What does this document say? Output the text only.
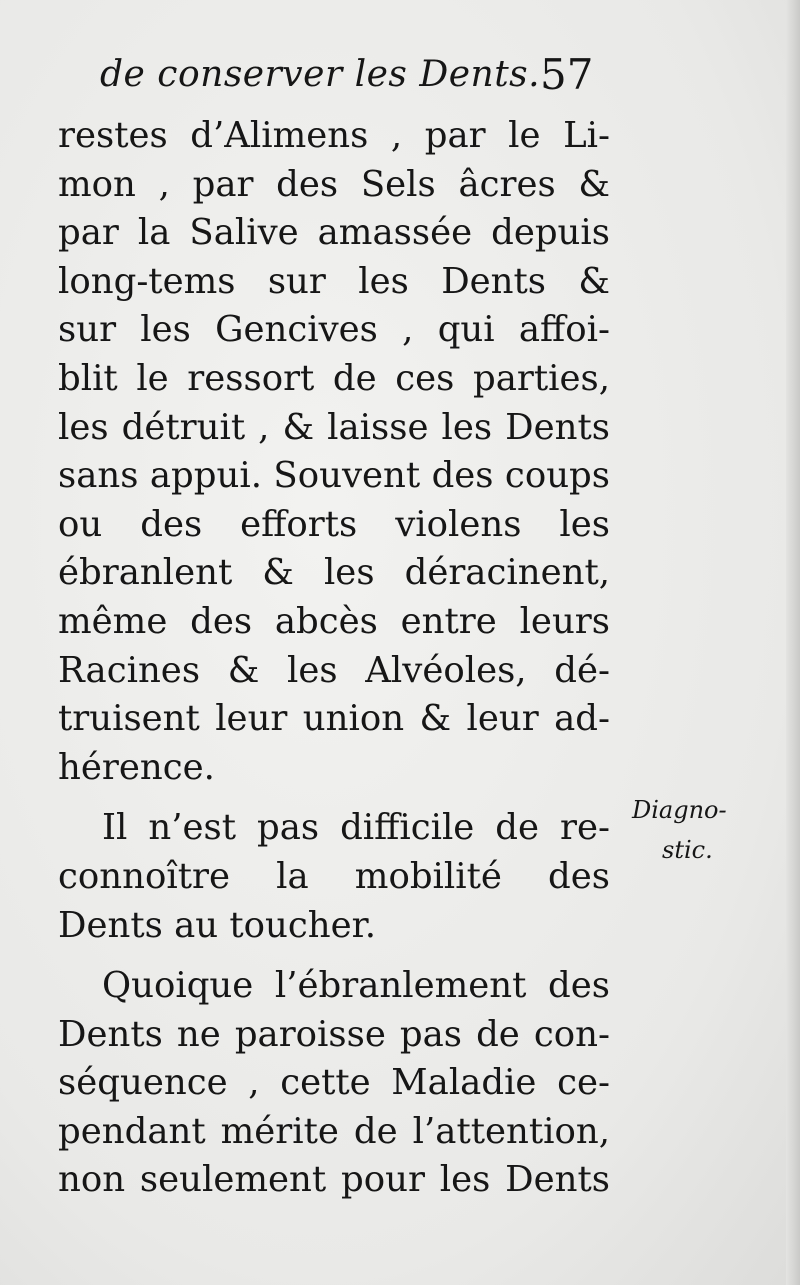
de conserver les Dents. 57
restes d’Alimens , par le Li-
mon , par des Sels âcres &
par la Salive amassée depuis
long-tems sur les Dents &
sur les Gencives , qui affoi-
blit le ressort de ces parties,
les détruit , & laisse les Dents
sans appui. Souvent des coups
ou des efforts violens les
ébranlent & les déracinent,
même des abcès entre leurs
Racines & les Alvéoles, dé-
truisent leur union & leur ad-
hérence.
Il n’est pas difficile de re-
connoître la mobilité des
Dents au toucher.
Quoique l’ébranlement des
Dents ne paroisse pas de con-
séquence , cette Maladie ce-
pendant mérite de l’attention,
non seulement pour les Dents
Diagno-
stic.
